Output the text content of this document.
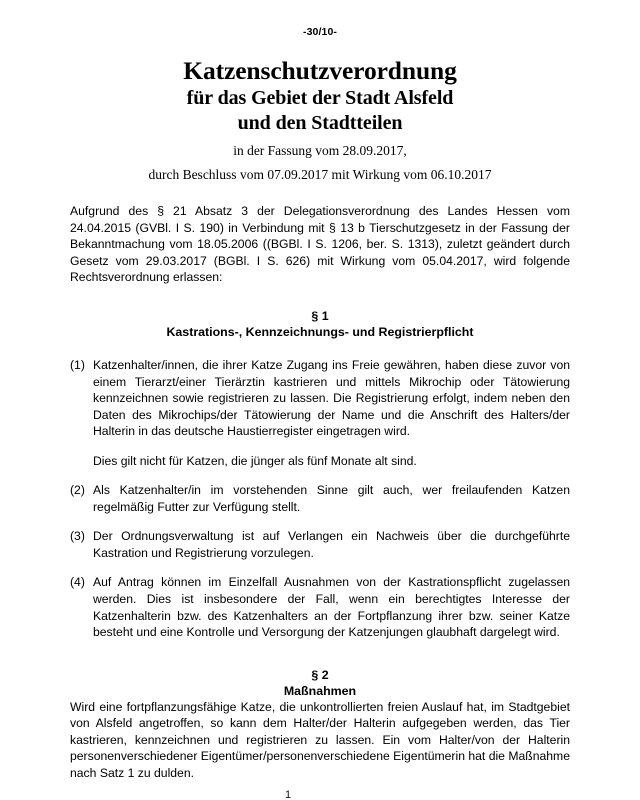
-30/10-
Katzenschutzverordnung
für das Gebiet der Stadt Alsfeld
und den Stadtteilen
in der Fassung vom 28.09.2017,
durch Beschluss vom 07.09.2017 mit Wirkung vom 06.10.2017

Aufgrund des § 21 Absatz 3 der Delegationsverordnung des Landes Hessen vom 24.04.2015 (GVBl. I S. 190) in Verbindung mit § 13 b Tierschutzgesetz in der Fassung der Bekanntmachung vom 18.05.2006 ((BGBl. I S. 1206, ber. S. 1313), zuletzt geändert durch Gesetz vom 29.03.2017 (BGBl. I S. 626) mit Wirkung vom 05.04.2017, wird folgende Rechtsverordnung erlassen:

§ 1
Kastrations-, Kennzeichnungs- und Registrierpflicht
(1) Katzenhalter/innen, die ihrer Katze Zugang ins Freie gewähren, haben diese zuvor von einem Tierarzt/einer Tierärztin kastrieren und mittels Mikrochip oder Tätowierung kennzeichnen sowie registrieren zu lassen. Die Registrierung erfolgt, indem neben den Daten des Mikrochips/der Tätowierung der Name und die Anschrift des Halters/der Halterin in das deutsche Haustierregister eingetragen wird.
Dies gilt nicht für Katzen, die jünger als fünf Monate alt sind.
(2) Als Katzenhalter/in im vorstehenden Sinne gilt auch, wer freilaufenden Katzen regelmäßig Futter zur Verfügung stellt.
(3) Der Ordnungsverwaltung ist auf Verlangen ein Nachweis über die durchgeführte Kastration und Registrierung vorzulegen.
(4) Auf Antrag können im Einzelfall Ausnahmen von der Kastrationspflicht zugelassen werden. Dies ist insbesondere der Fall, wenn ein berechtigtes Interesse der Katzenhalterin bzw. des Katzenhalters an der Fortpflanzung ihrer bzw. seiner Katze besteht und eine Kontrolle und Versorgung der Katzenjungen glaubhaft dargelegt wird.
§ 2
Maßnahmen

Wird eine fortpflanzungsfähige Katze, die unkontrollierten freien Auslauf hat, im Stadtgebiet von Alsfeld angetroffen, so kann dem Halter/der Halterin aufgegeben werden, das Tier kastrieren, kennzeichnen und registrieren zu lassen. Ein vom Halter/von der Halterin personenverschiedener Eigentümer/personenverschiedene Eigentümerin hat die Maßnahme nach Satz 1 zu dulden.

1
